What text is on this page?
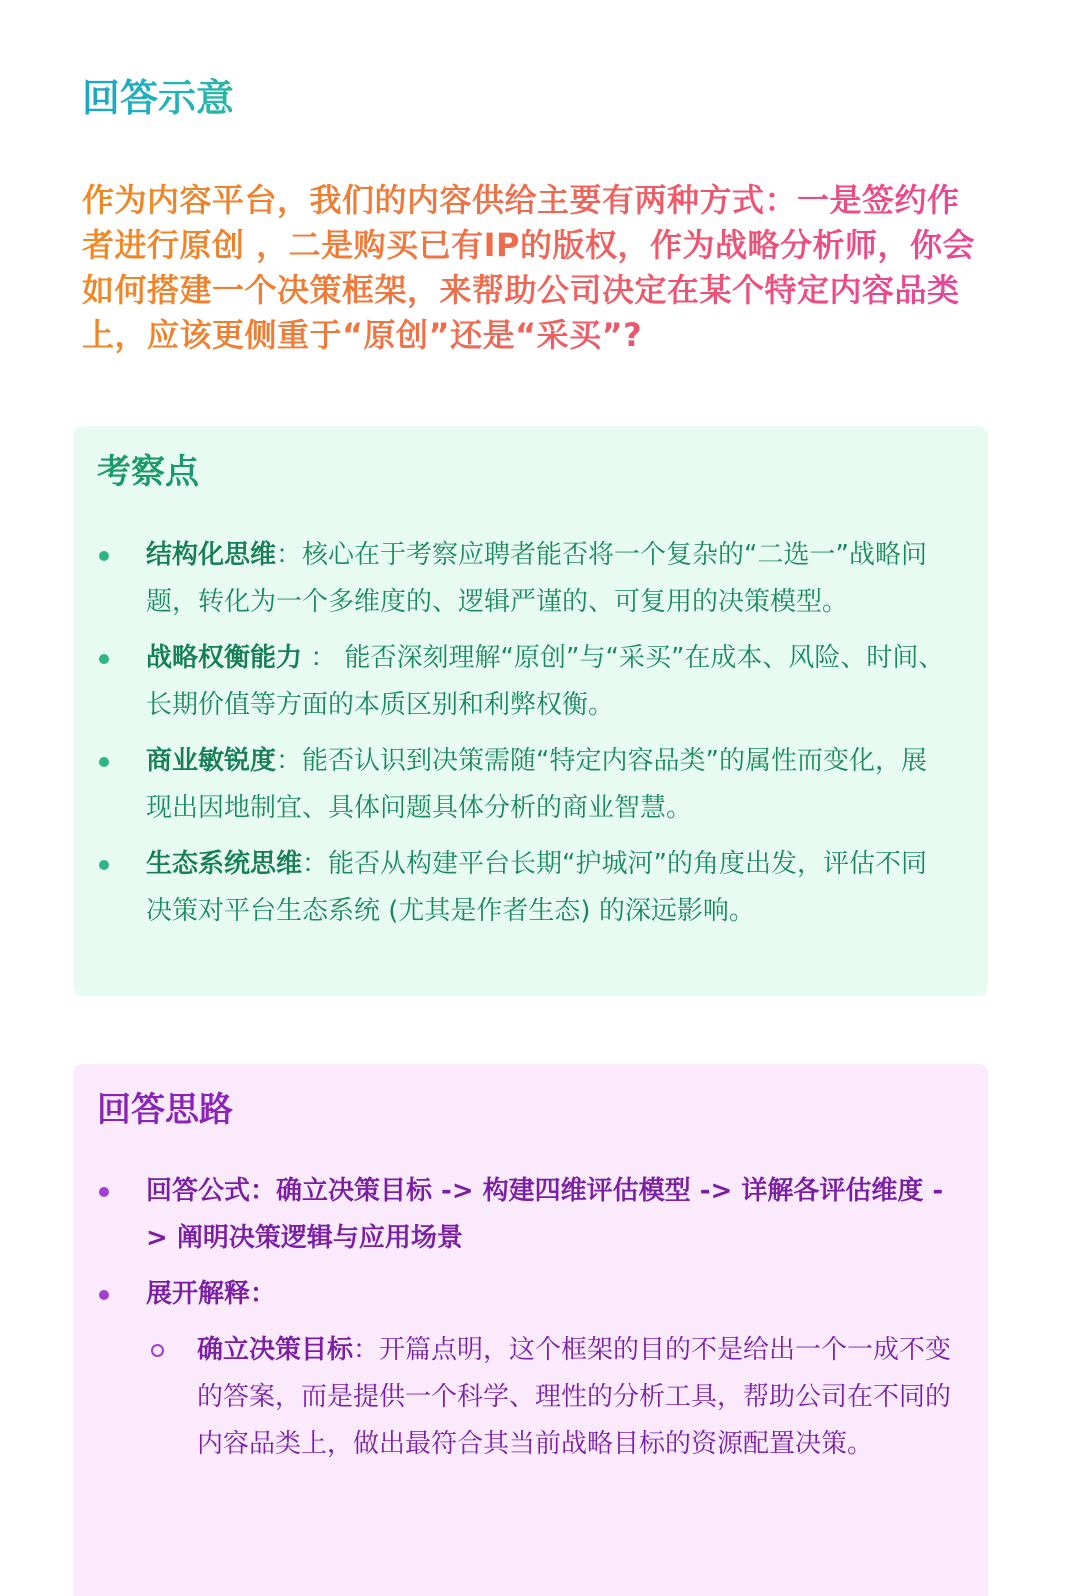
回答示意

作为内容平台，我们的内容供给主要有两种方式：一是签约作者进行原创 ，二是购买已有IP的版权，作为战略分析师，你会如何搭建一个决策框架，来帮助公司决定在某个特定内容品类上，应该更侧重于“原创”还是“采买”?

考察点
结构化思维：核心在于考察应聘者能否将一个复杂的“二选一”战略问题，转化为一个多维度的、逻辑严谨的、可复用的决策模型。
战略权衡能力 ： 能否深刻理解“原创”与“采买”在成本、风险、时间、长期价值等方面的本质区别和利弊权衡。
商业敏锐度：能否认识到决策需随“特定内容品类”的属性而变化，展现出因地制宜、具体问题具体分析的商业智慧。
生态系统思维：能否从构建平台长期“护城河”的角度出发，评估不同决策对平台生态系统 (尤其是作者生态) 的深远影响。
回答思路
回答公式：确立决策目标 -> 构建四维评估模型 -> 详解各评估维度 -> 阐明决策逻辑与应用场景
展开解释：
确立决策目标：开篇点明，这个框架的目的不是给出一个一成不变的答案，而是提供一个科学、理性的分析工具，帮助公司在不同的内容品类上，做出最符合其当前战略目标的资源配置决策。
